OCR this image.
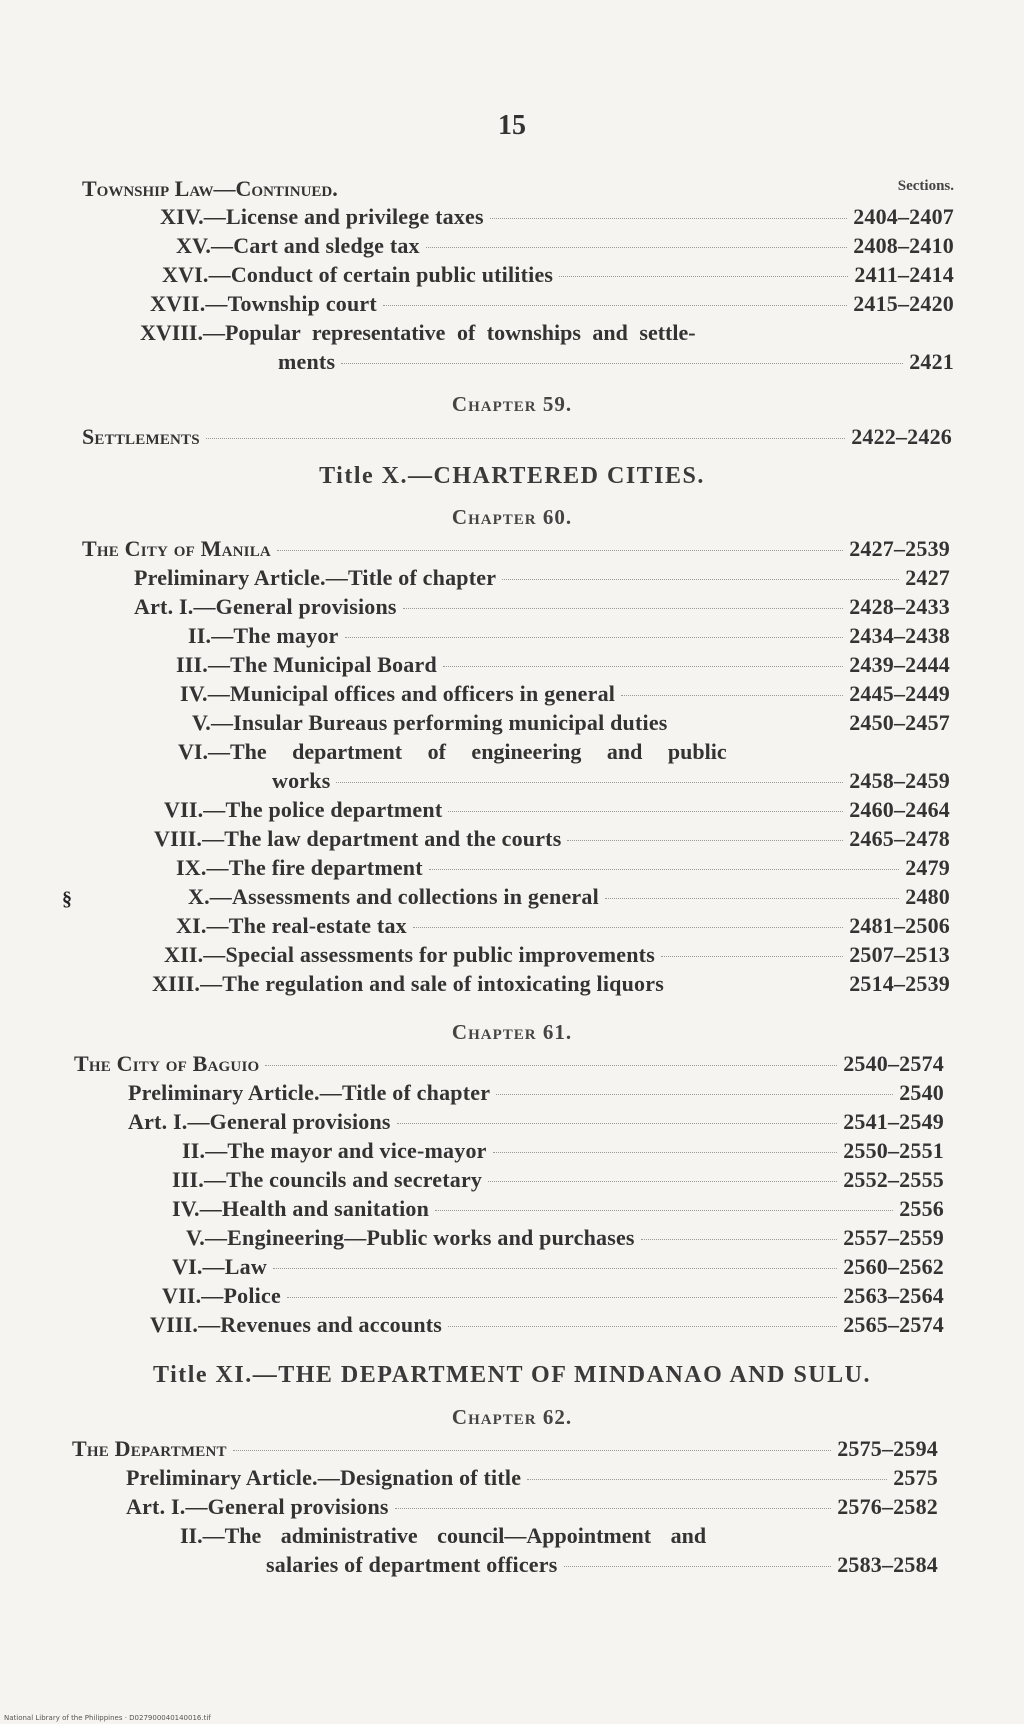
15
Township Law—Continued.	Sections.
XIV.—License and privilege taxes	2404–2407
XV.—Cart and sledge tax	2408–2410
XVI.—Conduct of certain public utilities	2411–2414
XVII.—Township court	2415–2420
XVIII.—Popular representative of townships and settle-
ments	2421
Chapter 59.
Settlements	2422–2426
Title X.—CHARTERED CITIES.
Chapter 60.
The City of Manila	2427–2539
Preliminary Article.—Title of chapter	2427
Art. I.—General provisions	2428–2433
II.—The mayor	2434–2438
III.—The Municipal Board	2439–2444
IV.—Municipal offices and officers in general	2445–2449
V.—Insular Bureaus performing municipal duties	2450–2457
VI.—The department of engineering and public
works	2458–2459
VII.—The police department	2460–2464
VIII.—The law department and the courts	2465–2478
IX.—The fire department	2479
§	X.—Assessments and collections in general	2480
XI.—The real-estate tax	2481–2506
XII.—Special assessments for public improvements	2507–2513
XIII.—The regulation and sale of intoxicating liquors	2514–2539
Chapter 61.
The City of Baguio	2540–2574
Preliminary Article.—Title of chapter	2540
Art. I.—General provisions	2541–2549
II.—The mayor and vice-mayor	2550–2551
III.—The councils and secretary	2552–2555
IV.—Health and sanitation	2556
V.—Engineering—Public works and purchases	2557–2559
VI.—Law	2560–2562
VII.—Police	2563–2564
VIII.—Revenues and accounts	2565–2574
Title XI.—THE DEPARTMENT OF MINDANAO AND SULU.
Chapter 62.
The Department	2575–2594
Preliminary Article.—Designation of title	2575
Art. I.—General provisions	2576–2582
II.—The administrative council—Appointment and
salaries of department officers	2583–2584
National Library of the Philippines · D027900040140016.tif
